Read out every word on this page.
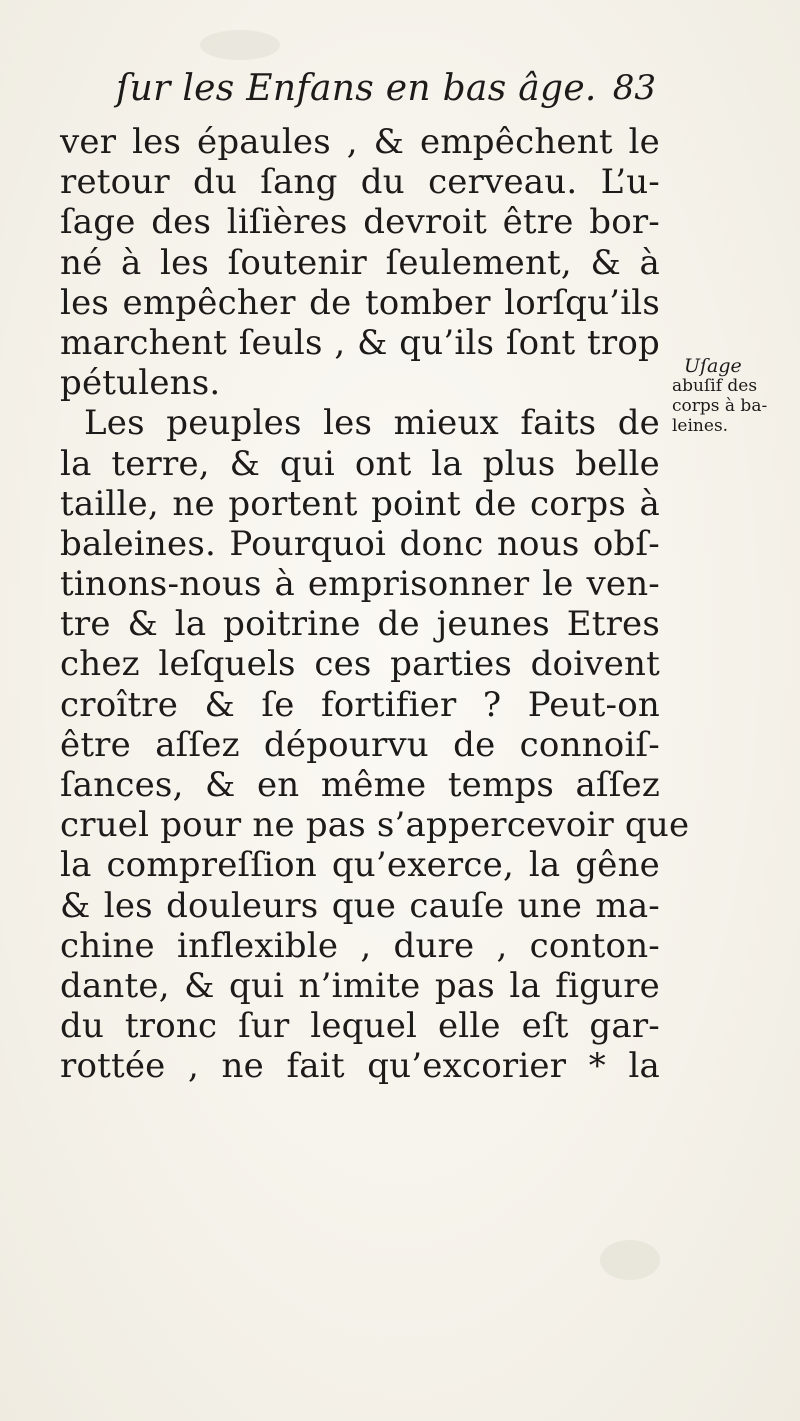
ſur les Enfans en bas âge. 83
ver les épaules , & empêchent le
retour du ſang du cerveau. L’u-
ſage des liſières devroit être bor-
né à les ſoutenir ſeulement, & à
les empêcher de tomber lorſqu’ils
marchent ſeuls , & qu’ils ſont trop
pétulens.
Les peuples les mieux faits de
la terre, & qui ont la plus belle
taille, ne portent point de corps à
baleines. Pourquoi donc nous obſ-
tinons-nous à emprisonner le ven-
tre & la poitrine de jeunes Etres
chez leſquels ces parties doivent
croître & ſe fortifier ? Peut-on
être aſſez dépourvu de connoiſ-
ſances, & en même temps aſſez
cruel pour ne pas s’appercevoir que
la compreſſion qu’exerce, la gêne
& les douleurs que cauſe une ma-
chine inflexible , dure , conton-
dante, & qui n’imite pas la figure
du tronc ſur lequel elle eſt gar-
rottée , ne fait qu’excorier * la
Uſage
abuſif des
corps à ba-
leines.
